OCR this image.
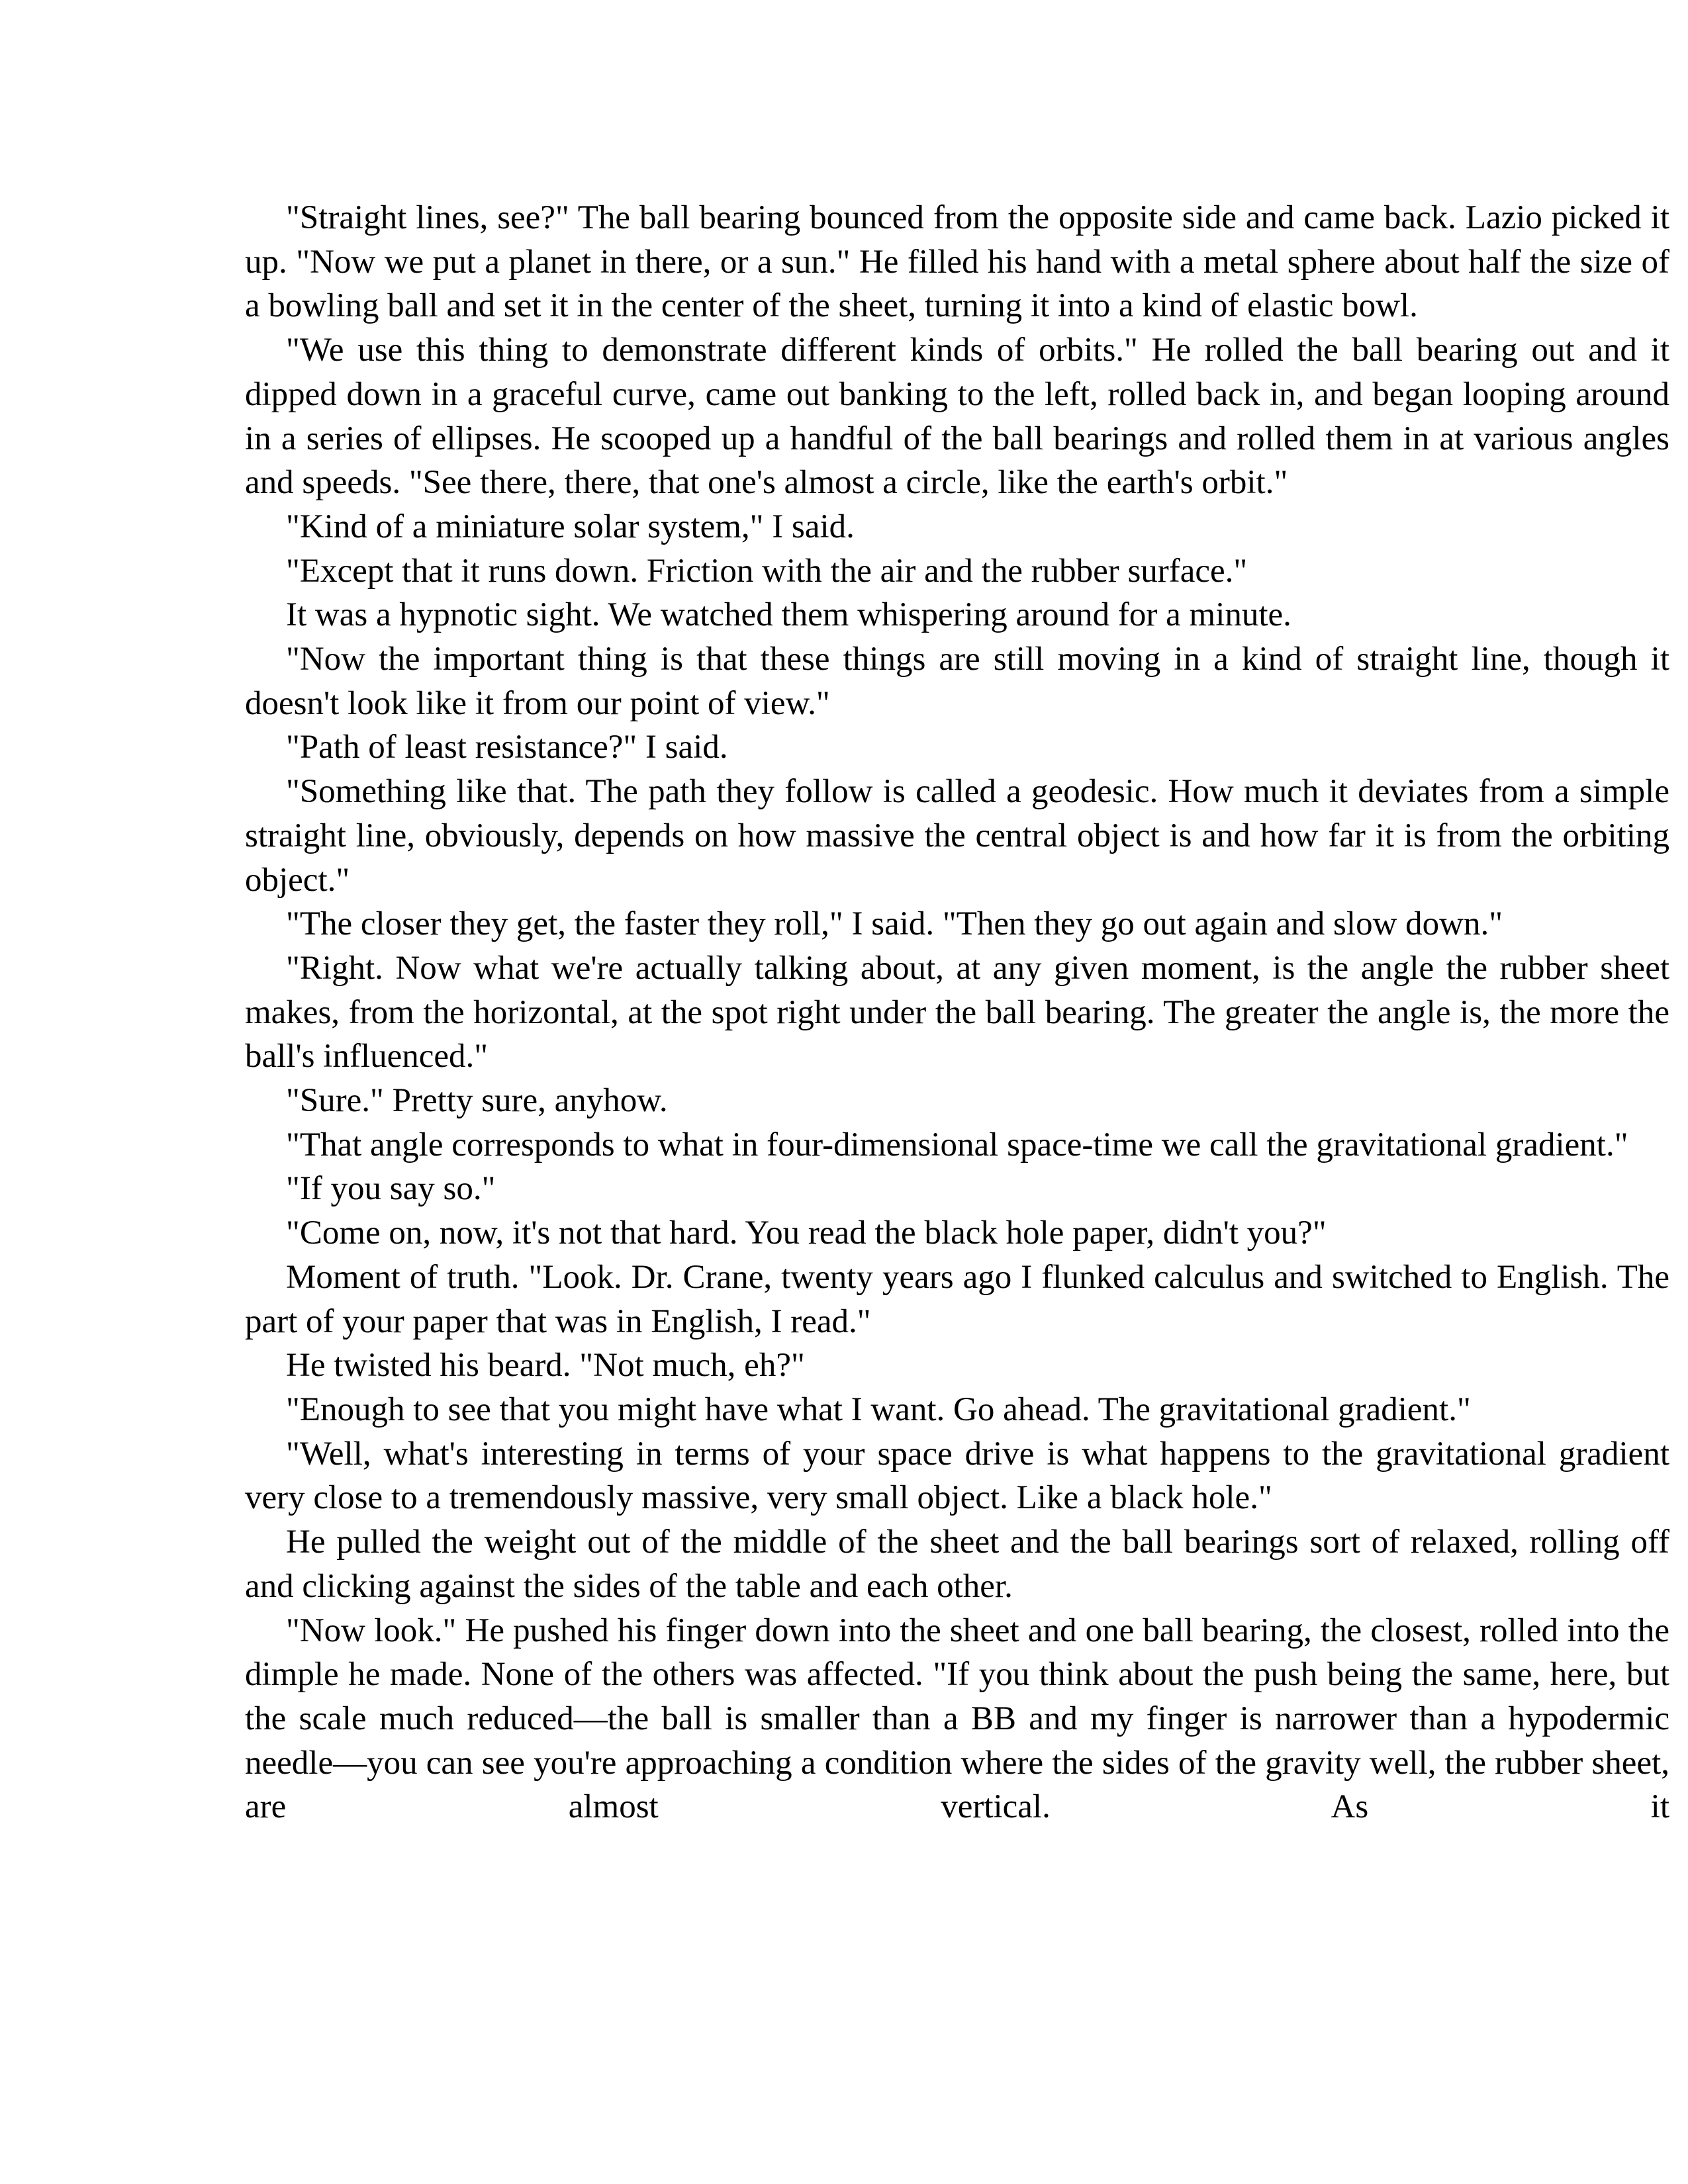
"Straight lines, see?" The ball bearing bounced from the opposite side and came back. Lazio picked it up. "Now we put a planet in there, or a sun." He filled his hand with a metal sphere about half the size of a bowling ball and set it in the center of the sheet, turning it into a kind of elastic bowl.

"We use this thing to demonstrate different kinds of orbits." He rolled the ball bearing out and it dipped down in a graceful curve, came out banking to the left, rolled back in, and began looping around in a series of ellipses. He scooped up a handful of the ball bearings and rolled them in at various angles and speeds. "See there, there, that one's almost a circle, like the earth's orbit."

"Kind of a miniature solar system," I said.

"Except that it runs down. Friction with the air and the rubber surface."

It was a hypnotic sight. We watched them whispering around for a minute.

"Now the important thing is that these things are still moving in a kind of straight line, though it doesn't look like it from our point of view."

"Path of least resistance?" I said.

"Something like that. The path they follow is called a geodesic. How much it deviates from a simple straight line, obviously, depends on how massive the central object is and how far it is from the orbiting object."

"The closer they get, the faster they roll," I said. "Then they go out again and slow down."

"Right. Now what we're actually talking about, at any given moment, is the angle the rubber sheet makes, from the horizontal, at the spot right under the ball bearing. The greater the angle is, the more the ball's influenced."

"Sure." Pretty sure, anyhow.

"That angle corresponds to what in four-dimensional space-time we call the gravitational gradient."

"If you say so."

"Come on, now, it's not that hard. You read the black hole paper, didn't you?"

Moment of truth. "Look. Dr. Crane, twenty years ago I flunked calculus and switched to English. The part of your paper that was in English, I read."

He twisted his beard. "Not much, eh?"

"Enough to see that you might have what I want. Go ahead. The gravitational gradient."

"Well, what's interesting in terms of your space drive is what happens to the gravitational gradient very close to a tremendously massive, very small object. Like a black hole."

He pulled the weight out of the middle of the sheet and the ball bearings sort of relaxed, rolling off and clicking against the sides of the table and each other.

"Now look." He pushed his finger down into the sheet and one ball bearing, the closest, rolled into the dimple he made. None of the others was affected. "If you think about the push being the same, here, but the scale much reduced—the ball is smaller than a BB and my finger is narrower than a hypodermic needle—you can see you're approaching a condition where the sides of the gravity well, the rubber sheet, are almost vertical. As it
